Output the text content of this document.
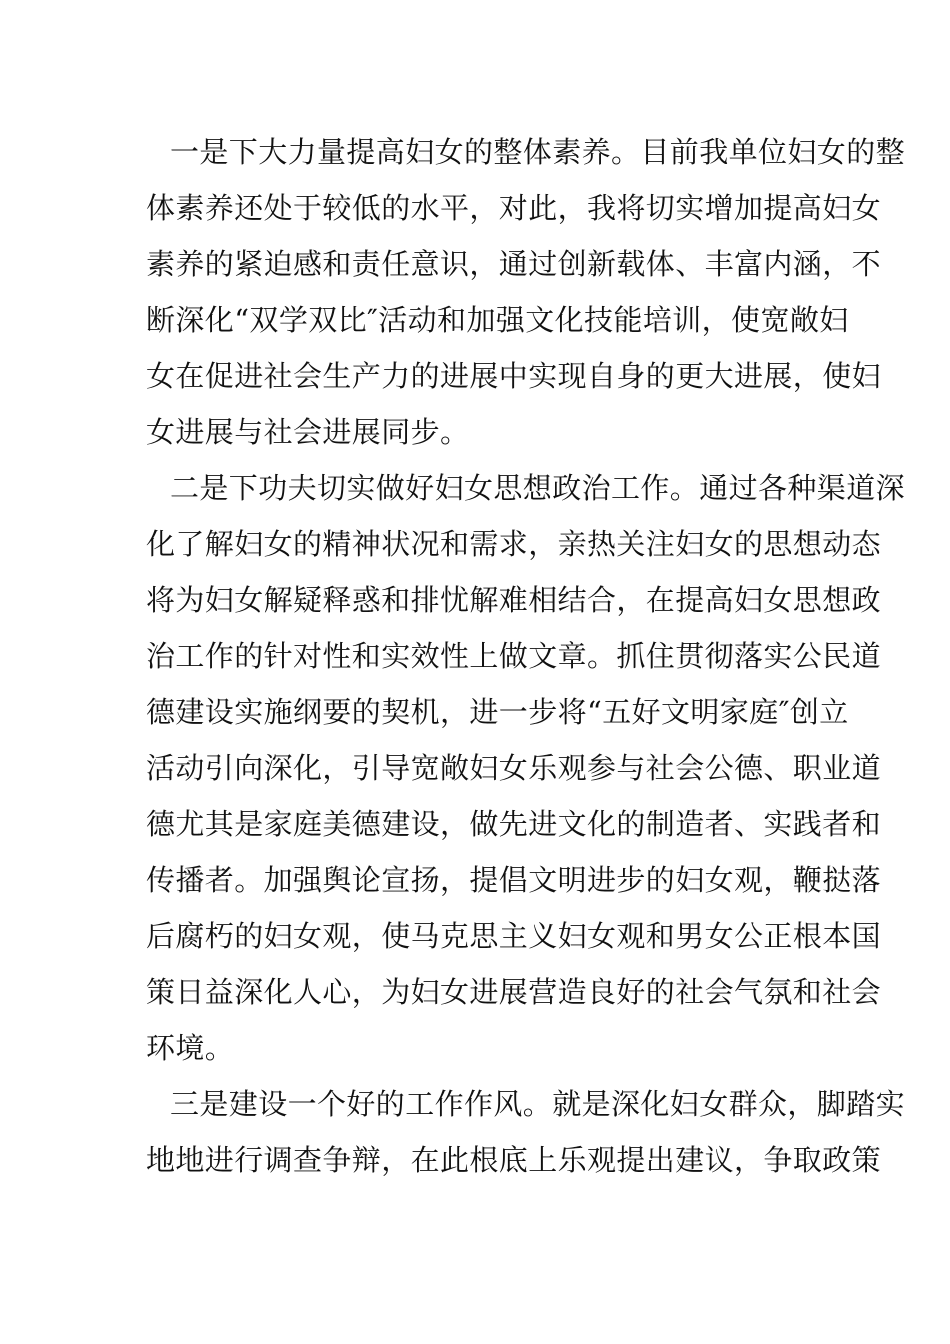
一是下大力量提高妇女的整体素养。目前我单位妇女的整
体素养还处于较低的水平，对此，我将切实增加提高妇女
素养的紧迫感和责任意识，通过创新载体、丰富内涵，不
断深化“双学双比″活动和加强文化技能培训，使宽敞妇
女在促进社会生产力的进展中实现自身的更大进展，使妇
女进展与社会进展同步。
二是下功夫切实做好妇女思想政治工作。通过各种渠道深
化了解妇女的精神状况和需求，亲热关注妇女的思想动态
将为妇女解疑释惑和排忧解难相结合，在提高妇女思想政
治工作的针对性和实效性上做文章。抓住贯彻落实公民道
德建设实施纲要的契机，进一步将“五好文明家庭″创立
活动引向深化，引导宽敞妇女乐观参与社会公德、职业道
德尤其是家庭美德建设，做先进文化的制造者、实践者和
传播者。加强舆论宣扬，提倡文明进步的妇女观，鞭挞落
后腐朽的妇女观，使马克思主义妇女观和男女公正根本国
策日益深化人心，为妇女进展营造良好的社会气氛和社会
环境。
三是建设一个好的工作作风。就是深化妇女群众，脚踏实
地地进行调查争辩，在此根底上乐观提出建议，争取政策
